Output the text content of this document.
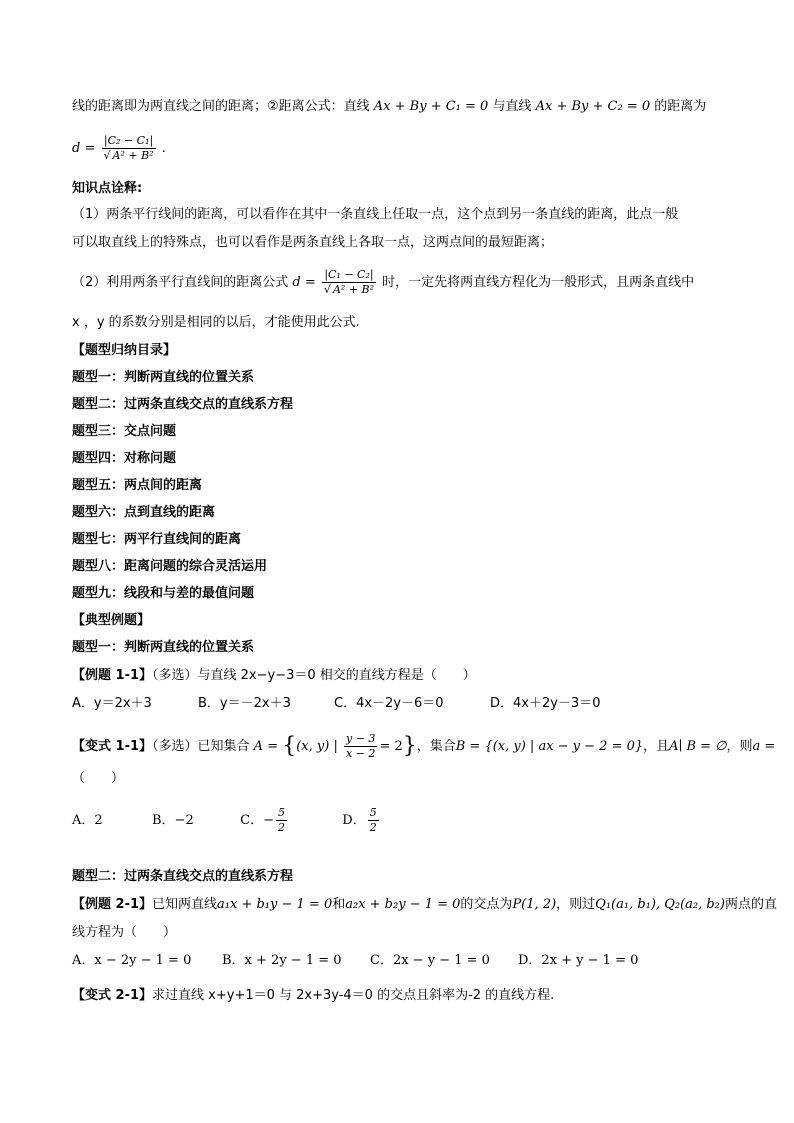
线的距离即为两直线之间的距离；②距离公式：直线 Ax + By + C₁ = 0 与直线 Ax + By + C₂ = 0 的距离为
$d = \frac{\text{|C₂ − C₁|}}{\text{√ A² + B²}}$ .
知识点诠释:
（1）两条平行线间的距离，可以看作在其中一条直线上任取一点，这个点到另一条直线的距离，此点一般
可以取直线上的特殊点，也可以看作是两条直线上各取一点，这两点间的最短距离；
（2）利用两条平行直线间的距离公式 $d = \frac{\text{|C₁ − C₂|}}{\text{√ A² + B²}}$ 时，一定先将两直线方程化为一般形式，且两条直线中
x ，y 的系数分别是相同的以后，才能使用此公式.
【题型归纳目录】
题型一：判断两直线的位置关系
题型二：过两条直线交点的直线系方程
题型三：交点问题
题型四：对称问题
题型五：两点间的距离
题型六：点到直线的距离
题型七：两平行直线间的距离
题型八：距离问题的综合灵活运用
题型九：线段和与差的最值问题
【典型例题】
题型一：判断两直线的位置关系
【例题 1-1】（多选）与直线 2x−y−3＝0 相交的直线方程是（　　）
A．y＝2x＋3	B．y＝－2x＋3	C．4x－2y－6＝0	D．4x＋2y－3＝0
【变式 1-1】（多选）已知集合 A = {(x, y) | $\frac{y - 3}{x - 2} = 2$}，集合B = {(x, y) | ax − y − 2 = 0}，且A∣ B = ∅，则a =
（　　）
A．2	B．−2	C．− $\frac{5}{2}$	D． $\frac{5}{2}$
题型二：过两条直线交点的直线系方程
【例题 2-1】已知两直线a₁x + b₁y − 1 = 0和a₂x + b₂y − 1 = 0的交点为P(1, 2)，则过Q₁(a₁, b₁), Q₂(a₂, b₂)两点的直
线方程为（　　）
A．x − 2y − 1 = 0 B．x + 2y − 1 = 0 C．2x − y − 1 = 0 D．2x + y − 1 = 0
【变式 2-1】求过直线 x+y+1＝0 与 2x+3y-4＝0 的交点且斜率为-2 的直线方程.
